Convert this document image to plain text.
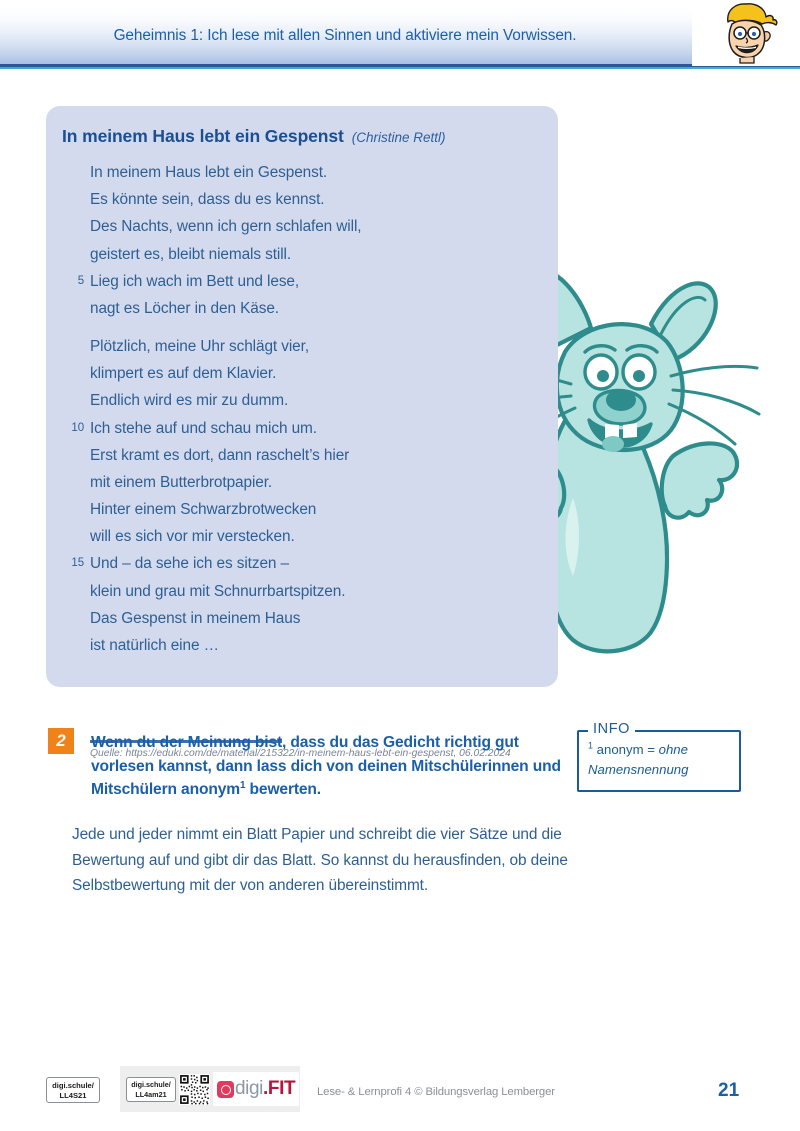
Geheimnis 1: Ich lese mit allen Sinnen und aktiviere mein Vorwissen.
In meinem Haus lebt ein Gespenst (Christine Rettl)
In meinem Haus lebt ein Gespenst.
Es könnte sein, dass du es kennst.
Des Nachts, wenn ich gern schlafen will,
geistert es, bleibt niemals still.
5 Lieg ich wach im Bett und lese,
nagt es Löcher in den Käse.
Plötzlich, meine Uhr schlägt vier,
klimpert es auf dem Klavier.
Endlich wird es mir zu dumm.
10 Ich stehe auf und schau mich um.
Erst kramt es dort, dann raschelt’s hier
mit einem Butterbrotpapier.
Hinter einem Schwarzbrotwecken
will es sich vor mir verstecken.
15 Und – da sehe ich es sitzen –
klein und grau mit Schnurrbartspitzen.
Das Gespenst in meinem Haus
ist natürlich eine …
Quelle: https://eduki.com/de/material/215322/in-meinem-haus-lebt-ein-gespenst, 06.02.2024
2	Wenn du der Meinung bist, dass du das Gedicht richtig gut vorlesen kannst, dann lass dich von deinen Mitschülerinnen und Mitschülern anonym$^1$ bewerten.
Jede und jeder nimmt ein Blatt Papier und schreibt die vier Sätze und die Bewertung auf und gibt dir das Blatt. So kannst du herausfinden, ob deine Selbstbewertung mit der von anderen übereinstimmt.
INFO
$^1$ anonym = ohne Namensnennung
digi.schule/
LL4S21
digi.schule/
LL4am21	digi .FIT Lese- & Lernprofi 4 © Bildungsverlag Lemberger	21
